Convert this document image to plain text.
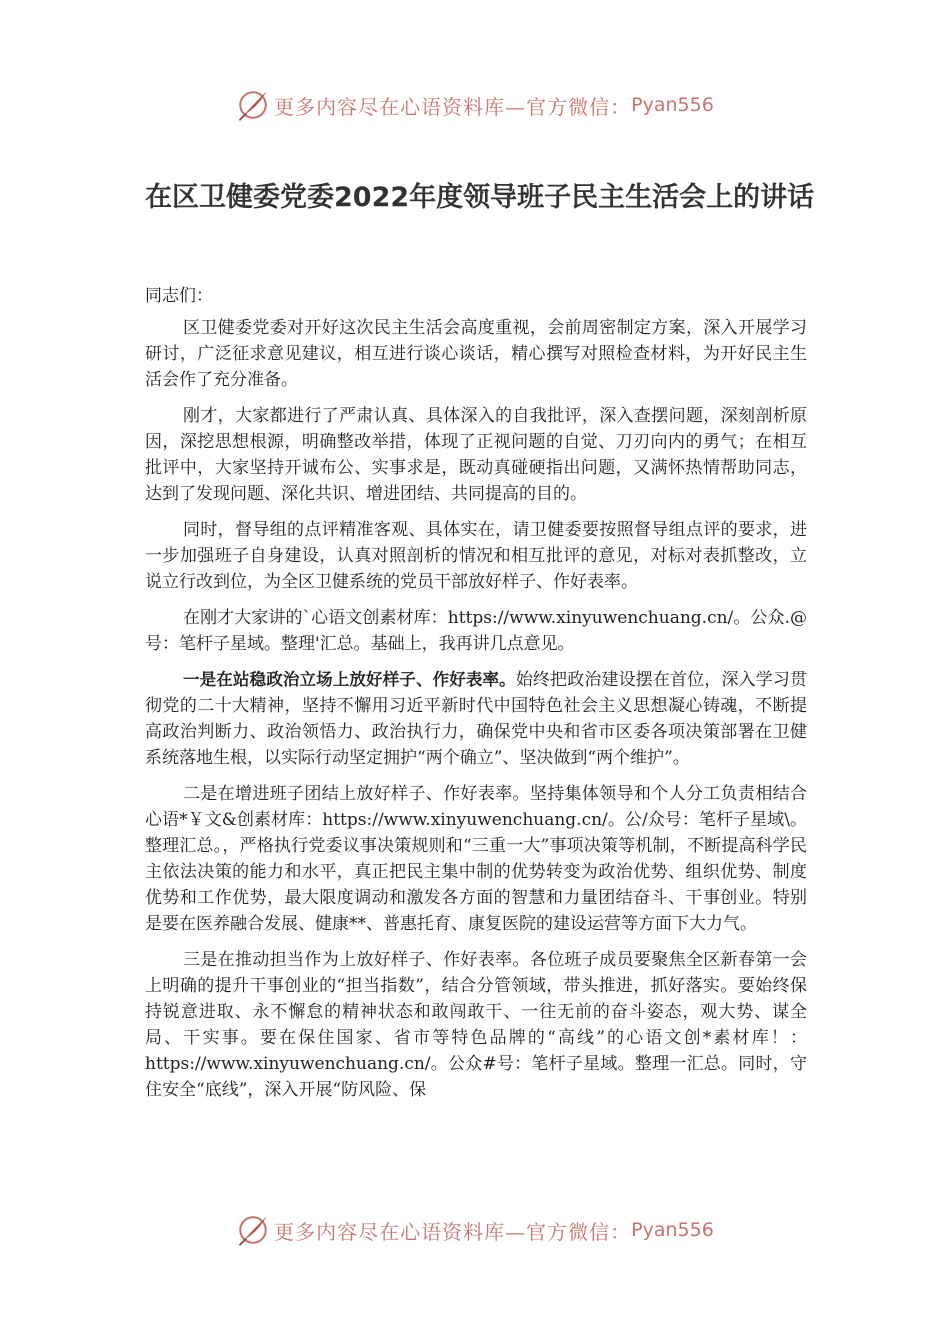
更多内容尽在心语资料库—官方微信： Pyan556
在区卫健委党委2022年度领导班子民主生活会上的讲话

同志们：

区卫健委党委对开好这次民主生活会高度重视，会前周密制定方案，深入开展学习研讨，广泛征求意见建议，相互进行谈心谈话，精心撰写对照检查材料，为开好民主生活会作了充分准备。

刚才，大家都进行了严肃认真、具体深入的自我批评，深入查摆问题，深刻剖析原因，深挖思想根源，明确整改举措，体现了正视问题的自觉、刀刃向内的勇气；在相互批评中，大家坚持开诚布公、实事求是，既动真碰硬指出问题，又满怀热情帮助同志，达到了发现问题、深化共识、增进团结、共同提高的目的。

同时，督导组的点评精准客观、具体实在，请卫健委要按照督导组点评的要求，进一步加强班子自身建设，认真对照剖析的情况和相互批评的意见，对标对表抓整改，立说立行改到位，为全区卫健系统的党员干部放好样子、作好表率。

在刚才大家讲的`心语文创素材库：https://www.xinyuwenchuang.cn/。公众.@号：笔杆子星域。整理'汇总。基础上，我再讲几点意见。

一是在站稳政治立场上放好样子、作好表率。始终把政治建设摆在首位，深入学习贯彻党的二十大精神，坚持不懈用习近平新时代中国特色社会主义思想凝心铸魂，不断提高政治判断力、政治领悟力、政治执行力，确保党中央和省市区委各项决策部署在卫健系统落地生根，以实际行动坚定拥护“两个确立”、坚决做到“两个维护”。

二是在增进班子团结上放好样子、作好表率。坚持集体领导和个人分工负责相结合心语*￥文&创素材库：https://www.xinyuwenchuang.cn/。公/众号：笔杆子星域\。整理汇总。，严格执行党委议事决策规则和“三重一大”事项决策等机制，不断提高科学民主依法决策的能力和水平，真正把民主集中制的优势转变为政治优势、组织优势、制度优势和工作优势，最大限度调动和激发各方面的智慧和力量团结奋斗、干事创业。特别是要在医养融合发展、健康**、普惠托育、康复医院的建设运营等方面下大力气。

三是在推动担当作为上放好样子、作好表率。各位班子成员要聚焦全区新春第一会上明确的提升干事创业的“担当指数”，结合分管领域，带头推进，抓好落实。要始终保持锐意进取、永不懈怠的精神状态和敢闯敢干、一往无前的奋斗姿态，观大势、谋全局、干实事。要在保住国家、省市等特色品牌的“高线”的心语文创*素材库！：https://www.xinyuwenchuang.cn/。公众#号：笔杆子星域。整理一汇总。同时，守住安全“底线”，深入开展“防风险、保

更多内容尽在心语资料库—官方微信： Pyan556
